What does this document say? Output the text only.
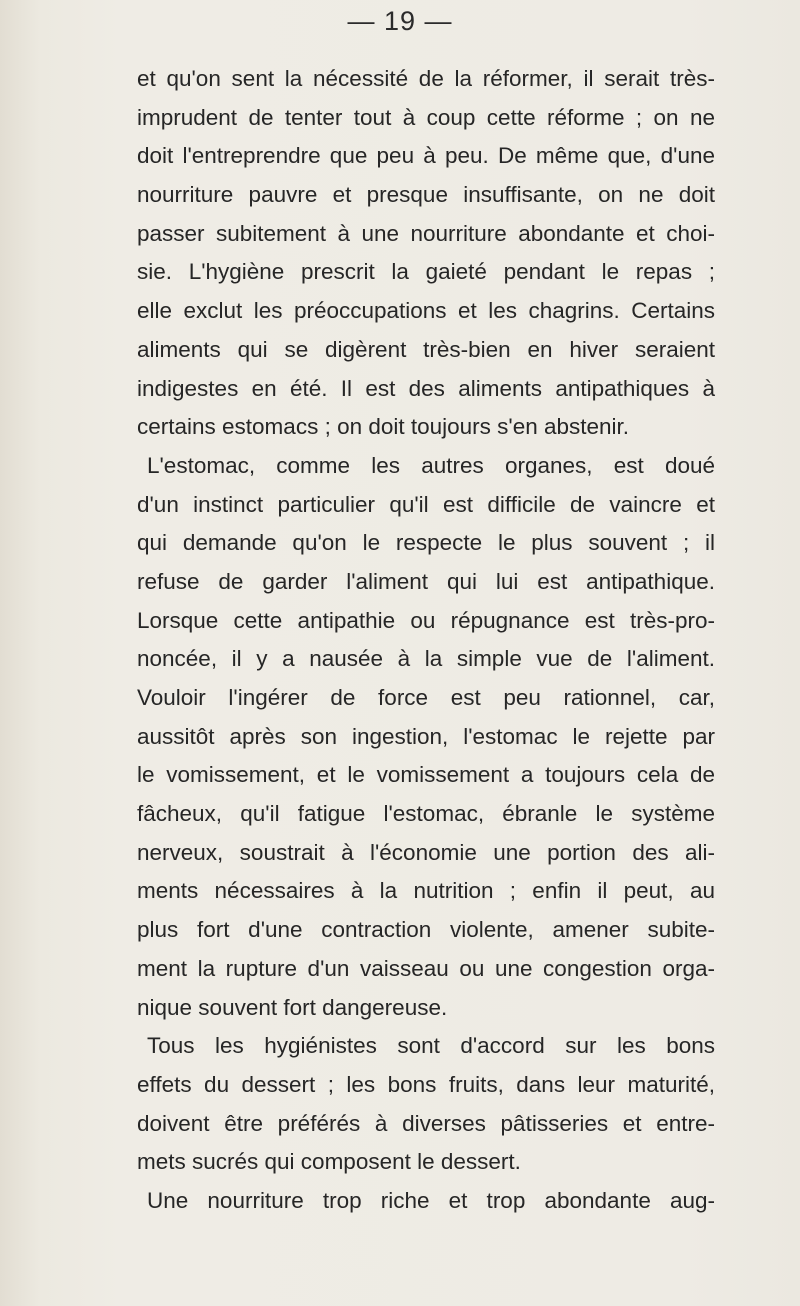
— 19 —
et qu'on sent la nécessité de la réformer, il serait très-
imprudent de tenter tout à coup cette réforme ; on ne
doit l'entreprendre que peu à peu. De même que, d'une
nourriture pauvre et presque insuffisante, on ne doit
passer subitement à une nourriture abondante et choi-
sie. L'hygiène prescrit la gaieté pendant le repas ;
elle exclut les préoccupations et les chagrins. Certains
aliments qui se digèrent très-bien en hiver seraient
indigestes en été. Il est des aliments antipathiques à
certains estomacs ; on doit toujours s'en abstenir.
L'estomac, comme les autres organes, est doué
d'un instinct particulier qu'il est difficile de vaincre et
qui demande qu'on le respecte le plus souvent ; il
refuse de garder l'aliment qui lui est antipathique.
Lorsque cette antipathie ou répugnance est très-pro-
noncée, il y a nausée à la simple vue de l'aliment.
Vouloir l'ingérer de force est peu rationnel, car,
aussitôt après son ingestion, l'estomac le rejette par
le vomissement, et le vomissement a toujours cela de
fâcheux, qu'il fatigue l'estomac, ébranle le système
nerveux, soustrait à l'économie une portion des ali-
ments nécessaires à la nutrition ; enfin il peut, au
plus fort d'une contraction violente, amener subite-
ment la rupture d'un vaisseau ou une congestion orga-
nique souvent fort dangereuse.
Tous les hygiénistes sont d'accord sur les bons
effets du dessert ; les bons fruits, dans leur maturité,
doivent être préférés à diverses pâtisseries et entre-
mets sucrés qui composent le dessert.
Une nourriture trop riche et trop abondante aug-
